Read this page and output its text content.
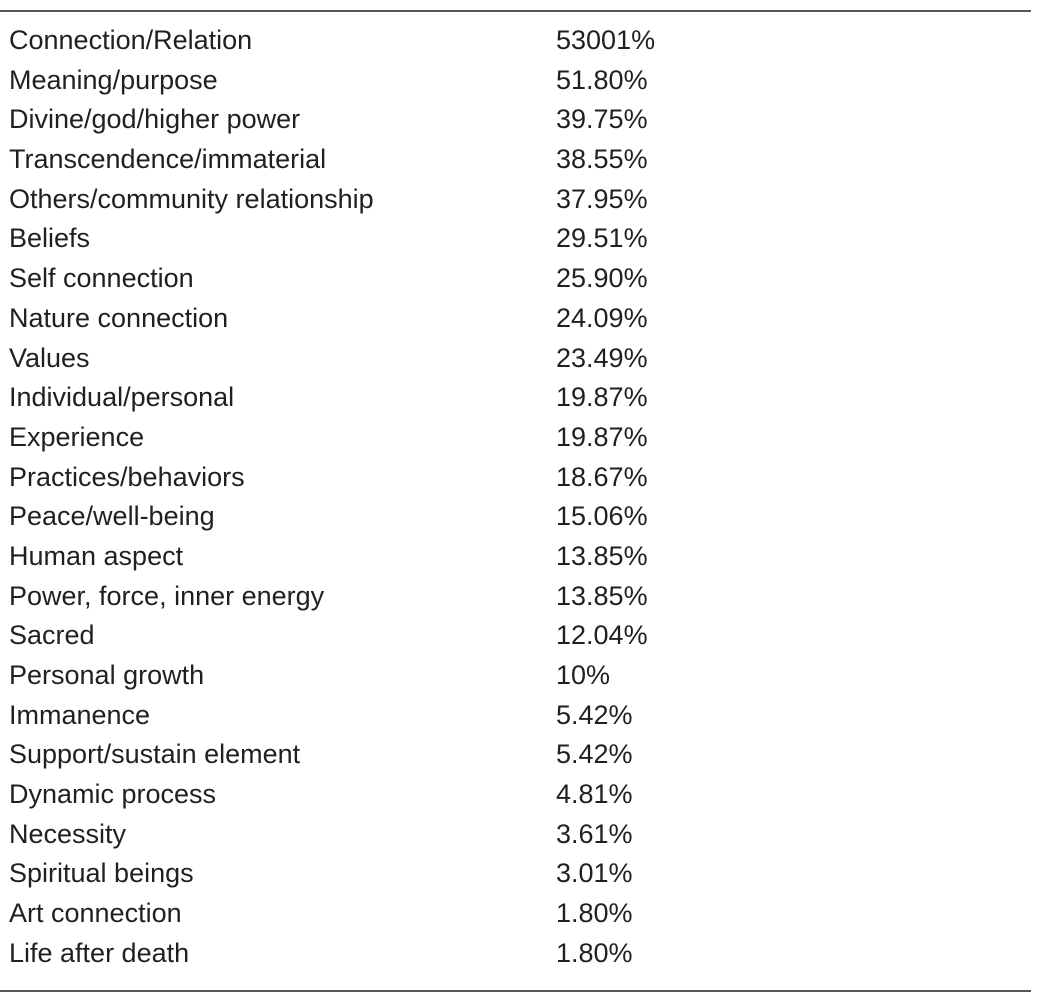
Connection/Relation	53001%
Meaning/purpose	51.80%
Divine/god/higher power	39.75%
Transcendence/immaterial	38.55%
Others/community relationship	37.95%
Beliefs	29.51%
Self connection	25.90%
Nature connection	24.09%
Values	23.49%
Individual/personal	19.87%
Experience	19.87%
Practices/behaviors	18.67%
Peace/well-being	15.06%
Human aspect	13.85%
Power, force, inner energy	13.85%
Sacred	12.04%
Personal growth	10%
Immanence	5.42%
Support/sustain element	5.42%
Dynamic process	4.81%
Necessity	3.61%
Spiritual beings	3.01%
Art connection	1.80%
Life after death	1.80%
